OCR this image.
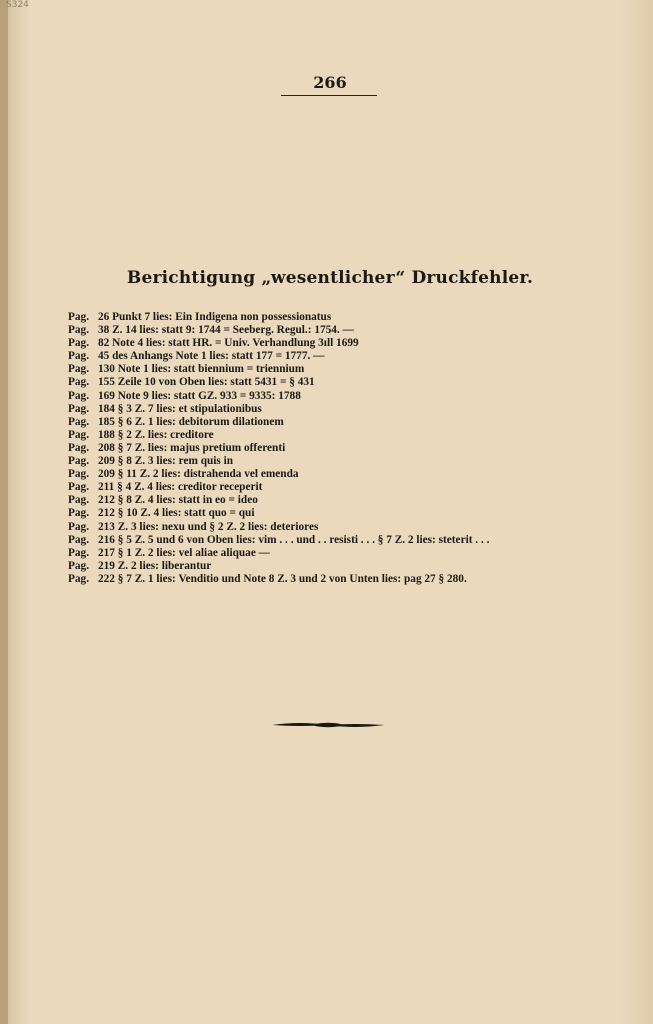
S324
266
Berichtigung „wesentlicher“ Druckfehler.
Pag. 26 Punkt 7 lies: Ein Indigena non possessionatus
Pag. 38 Z. 14 lies: statt 9: 1744 = Seeberg. Regul.: 1754. —
Pag. 82 Note 4 lies: statt HR. = Univ. Verhandlung 3ıll 1699
Pag. 45 des Anhangs Note 1 lies: statt 177 = 1777. —
Pag. 130 Note 1 lies: statt biennium = triennium
Pag. 155 Zeile 10 von Oben lies: statt 5431 = § 431
Pag. 169 Note 9 lies: statt GZ. 933 = 9335: 1788
Pag. 184 § 3 Z. 7 lies: et stipulationibus
Pag. 185 § 6 Z. 1 lies: debitorum dilationem
Pag. 188 § 2 Z. lies: creditore
Pag. 208 § 7 Z. lies: majus pretium offerenti
Pag. 209 § 8 Z. 3 lies: rem quis in
Pag. 209 § 11 Z. 2 lies: distrahenda vel emenda
Pag. 211 § 4 Z. 4 lies: creditor receperit
Pag. 212 § 8 Z. 4 lies: statt in eo = ideo
Pag. 212 § 10 Z. 4 lies: statt quo = qui
Pag. 213 Z. 3 lies: nexu und § 2 Z. 2 lies: deteriores
Pag. 216 § 5 Z. 5 und 6 von Oben lies: vim . . . und . . resisti . . . § 7 Z. 2 lies: steterit . . .
Pag. 217 § 1 Z. 2 lies: vel aliae aliquae —
Pag. 219 Z. 2 lies: liberantur
Pag. 222 § 7 Z. 1 lies: Venditio und Note 8 Z. 3 und 2 von Unten lies: pag 27 § 280.
